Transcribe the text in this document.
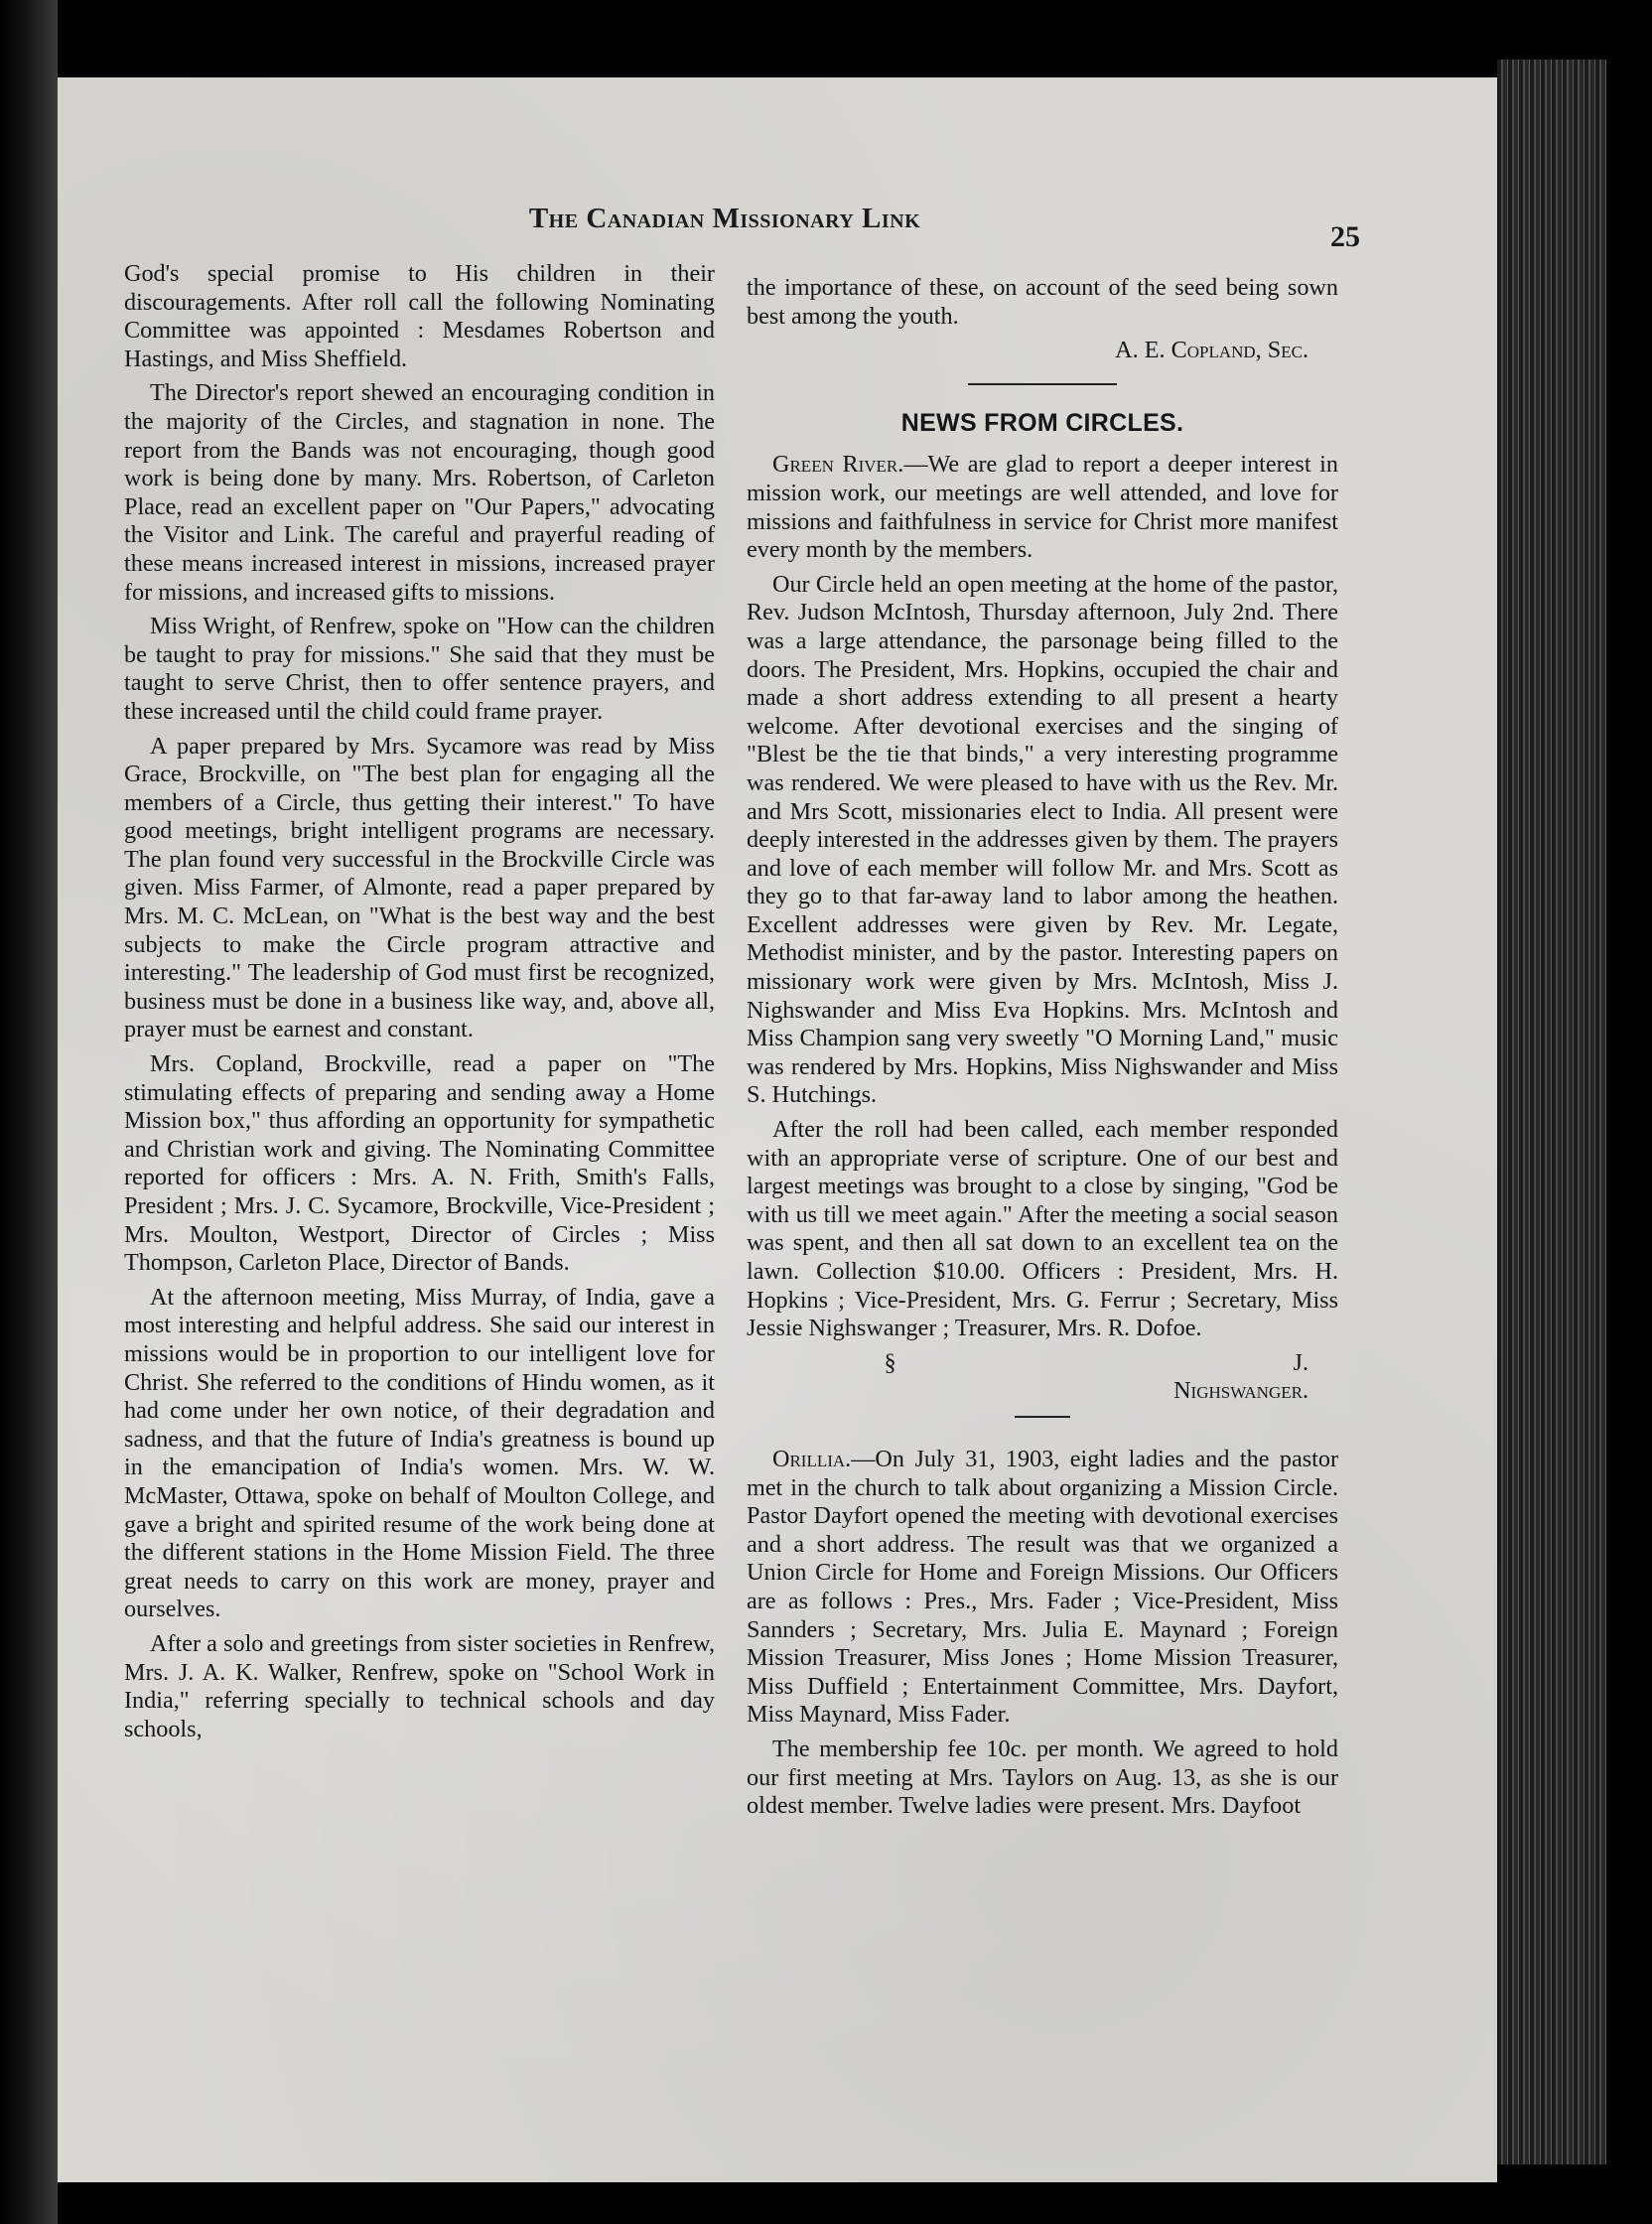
The Canadian Missionary Link
25

God's special promise to His children in their discouragements. After roll call the following Nominating Committee was appointed : Mesdames Robertson and Hastings, and Miss Sheffield.

The Director's report shewed an encouraging condition in the majority of the Circles, and stagnation in none. The report from the Bands was not encouraging, though good work is being done by many. Mrs. Robertson, of Carleton Place, read an excellent paper on "Our Papers," advocating the Visitor and Link. The careful and prayerful reading of these means increased interest in missions, increased prayer for missions, and increased gifts to missions.

Miss Wright, of Renfrew, spoke on "How can the children be taught to pray for missions." She said that they must be taught to serve Christ, then to offer sentence prayers, and these increased until the child could frame prayer.

A paper prepared by Mrs. Sycamore was read by Miss Grace, Brockville, on "The best plan for engaging all the members of a Circle, thus getting their interest." To have good meetings, bright intelligent programs are necessary. The plan found very successful in the Brockville Circle was given. Miss Farmer, of Almonte, read a paper prepared by Mrs. M. C. McLean, on "What is the best way and the best subjects to make the Circle program attractive and interesting." The leadership of God must first be recognized, business must be done in a business like way, and, above all, prayer must be earnest and constant.

Mrs. Copland, Brockville, read a paper on "The stimulating effects of preparing and sending away a Home Mission box," thus affording an opportunity for sympathetic and Christian work and giving. The Nominating Committee reported for officers : Mrs. A. N. Frith, Smith's Falls, President ; Mrs. J. C. Sycamore, Brockville, Vice-President ; Mrs. Moulton, Westport, Director of Circles ; Miss Thompson, Carleton Place, Director of Bands.

At the afternoon meeting, Miss Murray, of India, gave a most interesting and helpful address. She said our interest in missions would be in proportion to our intelligent love for Christ. She referred to the conditions of Hindu women, as it had come under her own notice, of their degradation and sadness, and that the future of India's greatness is bound up in the emancipation of India's women. Mrs. W. W. McMaster, Ottawa, spoke on behalf of Moulton College, and gave a bright and spirited resume of the work being done at the different stations in the Home Mission Field. The three great needs to carry on this work are money, prayer and ourselves.

After a solo and greetings from sister societies in Renfrew, Mrs. J. A. K. Walker, Renfrew, spoke on "School Work in India," referring specially to technical schools and day schools,

the importance of these, on account of the seed being sown best among the youth.

A. E. Copland, Sec.

NEWS FROM CIRCLES.

Green River.—We are glad to report a deeper interest in mission work, our meetings are well attended, and love for missions and faithfulness in service for Christ more manifest every month by the members.

Our Circle held an open meeting at the home of the pastor, Rev. Judson McIntosh, Thursday afternoon, July 2nd. There was a large attendance, the parsonage being filled to the doors. The President, Mrs. Hopkins, occupied the chair and made a short address extending to all present a hearty welcome. After devotional exercises and the singing of "Blest be the tie that binds," a very interesting programme was rendered. We were pleased to have with us the Rev. Mr. and Mrs Scott, missionaries elect to India. All present were deeply interested in the addresses given by them. The prayers and love of each member will follow Mr. and Mrs. Scott as they go to that far-away land to labor among the heathen. Excellent addresses were given by Rev. Mr. Legate, Methodist minister, and by the pastor. Interesting papers on missionary work were given by Mrs. McIntosh, Miss J. Nighswander and Miss Eva Hopkins. Mrs. McIntosh and Miss Champion sang very sweetly "O Morning Land," music was rendered by Mrs. Hopkins, Miss Nighswander and Miss S. Hutchings.

After the roll had been called, each member responded with an appropriate verse of scripture. One of our best and largest meetings was brought to a close by singing, "God be with us till we meet again." After the meeting a social season was spent, and then all sat down to an excellent tea on the lawn. Collection $10.00. Officers : President, Mrs. H. Hopkins ; Vice-President, Mrs. G. Ferrur ; Secretary, Miss Jessie Nighswanger ; Treasurer, Mrs. R. Dofoe.

§	J. Nighswanger.

Orillia.—On July 31, 1903, eight ladies and the pastor met in the church to talk about organizing a Mission Circle. Pastor Dayfort opened the meeting with devotional exercises and a short address. The result was that we organized a Union Circle for Home and Foreign Missions. Our Officers are as follows : Pres., Mrs. Fader ; Vice-President, Miss Sannders ; Secretary, Mrs. Julia E. Maynard ; Foreign Mission Treasurer, Miss Jones ; Home Mission Treasurer, Miss Duffield ; Entertainment Committee, Mrs. Dayfort, Miss Maynard, Miss Fader.

The membership fee 10c. per month. We agreed to hold our first meeting at Mrs. Taylors on Aug. 13, as she is our oldest member. Twelve ladies were present. Mrs. Dayfoot
